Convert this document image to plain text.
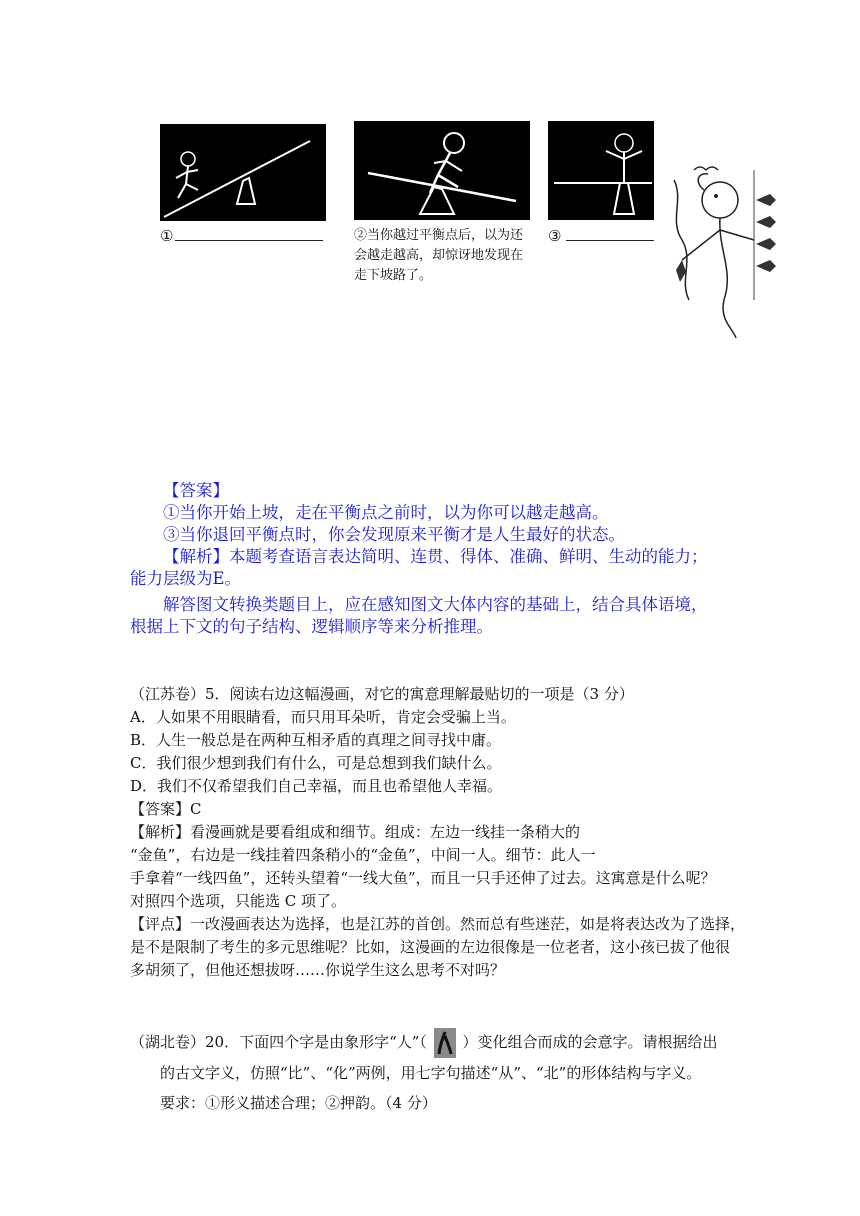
①	②当你越过平衡点后，以为还会越走越高，却惊讶地发现在走下坡路了。
③
【答案】
①当你开始上坡，走在平衡点之前时，以为你可以越走越高。
③当你退回平衡点时，你会发现原来平衡才是人生最好的状态。
【解析】本题考查语言表达简明、连贯、得体、准确、鲜明、生动的能力；
能力层级为E。
解答图文转换类题目上，应在感知图文大体内容的基础上，结合具体语境，
根据上下文的句子结构、逻辑顺序等来分析推理。
（江苏卷）5．阅读右边这幅漫画，对它的寓意理解最贴切的一项是（3 分）
A．人如果不用眼睛看，而只用耳朵听，肯定会受骗上当。
B．人生一般总是在两种互相矛盾的真理之间寻找中庸。
C．我们很少想到我们有什么，可是总想到我们缺什么。
D．我们不仅希望我们自己幸福，而且也希望他人幸福。
【答案】C
【解析】看漫画就是要看组成和细节。组成：左边一线挂一条稍大的
“金鱼”，右边是一线挂着四条稍小的“金鱼”，中间一人。细节：此人一
手拿着“一线四鱼”，还转头望着“一线大鱼”，而且一只手还伸了过去。这寓意是什么呢？
对照四个选项，只能选 C 项了。
【评点】一改漫画表达为选择，也是江苏的首创。然而总有些迷茫，如是将表达改为了选择，
是不是限制了考生的多元思维呢？比如，这漫画的左边很像是一位老者，这小孩已拔了他很
多胡须了，但他还想拔呀……你说学生这么思考不对吗？
（湖北卷）20．下面四个字是由象形字“人”（ ）变化组合而成的会意字。请根据给出
的古文字义，仿照“比”、“化”两例，用七字句描述“从”、“北”的形体结构与字义。
要求：①形义描述合理；②押韵。（4 分）
